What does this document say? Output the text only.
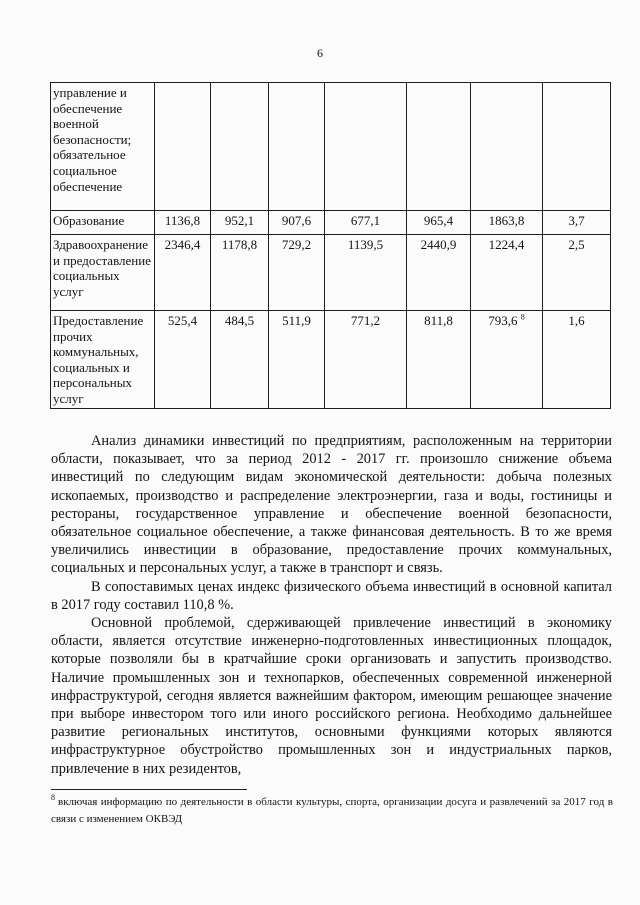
6
управление и обеспечение военной безопасности; обязательное социальное обеспечение							
Образование	1136,8	952,1	907,6	677,1	965,4	1863,8	3,7
Здравоохранение и предоставление социальных услуг	2346,4	1178,8	729,2	1139,5	2440,9	1224,4	2,5
Предоставление прочих коммунальных, социальных и персональных услуг	525,4	484,5	511,9	771,2	811,8	793,6 $^8$	1,6

Анализ динамики инвестиций по предприятиям, расположенным на территории области, показывает, что за период 2012 - 2017 гг. произошло снижение объема инвестиций по следующим видам экономической деятельности: добыча полезных ископаемых, производство и распределение электроэнергии, газа и воды, гостиницы и рестораны, государственное управление и обеспечение военной безопасности, обязательное социальное обеспечение, а также финансовая деятельность. В то же время увеличились инвестиции в образование, предоставление прочих коммунальных, социальных и персональных услуг, а также в транспорт и связь.

В сопоставимых ценах индекс физического объема инвестиций в основной капитал в 2017 году составил 110,8 %.

Основной проблемой, сдерживающей привлечение инвестиций в экономику области, является отсутствие инженерно-подготовленных инвестиционных площадок, которые позволяли бы в кратчайшие сроки организовать и запустить производство. Наличие промышленных зон и технопарков, обеспеченных современной инженерной инфраструктурой, сегодня является важнейшим фактором, имеющим решающее значение при выборе инвестором того или иного российского региона. Необходимо дальнейшее развитие региональных институтов, основными функциями которых являются инфраструктурное обустройство промышленных зон и индустриальных парков, привлечение в них резидентов,

$^8$ включая информацию по деятельности в области культуры, спорта, организации досуга и развлечений за 2017 год в связи с изменением ОКВЭД
